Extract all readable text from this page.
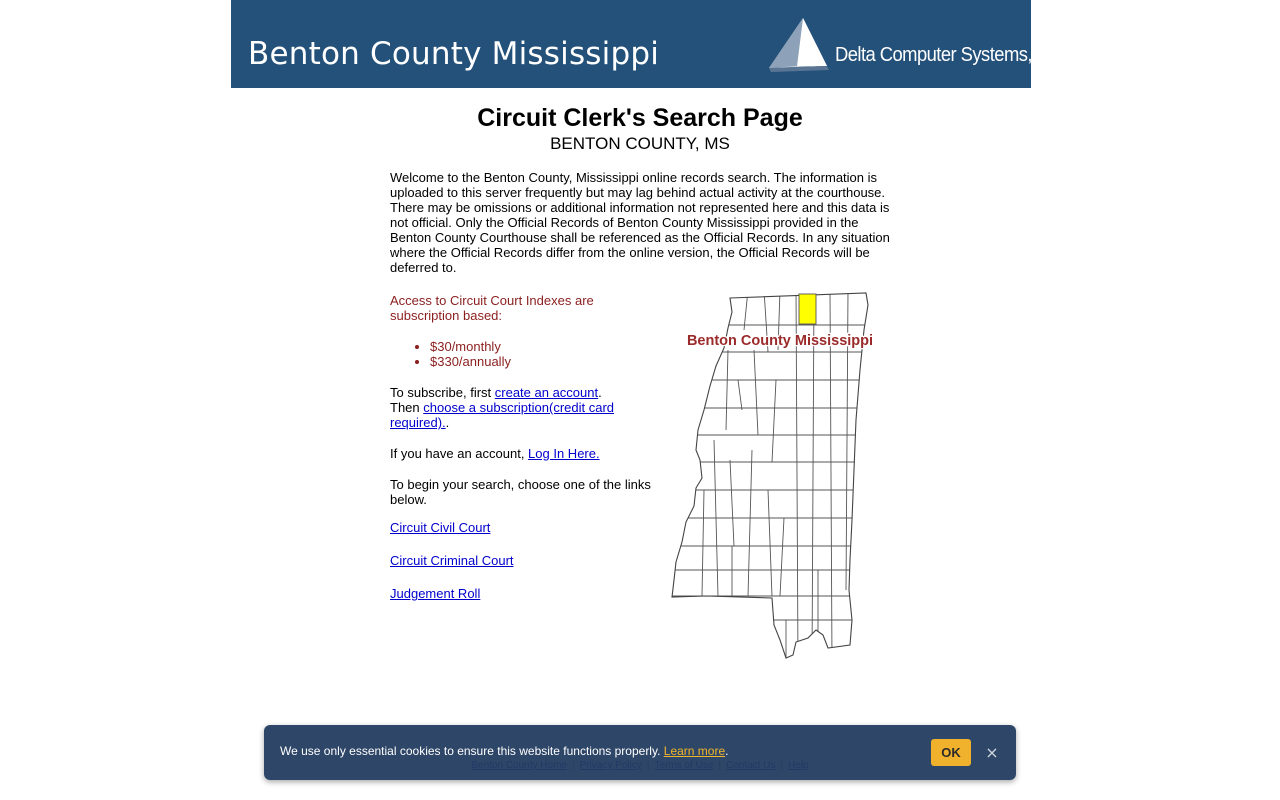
Benton County Mississippi	Delta Computer Systems, Inc.
Circuit Clerk's Search Page
BENTON COUNTY, MS

Welcome to the Benton County, Mississippi online records search. The information is uploaded to this server frequently but may lag behind actual activity at the courthouse. There may be omissions or additional information not represented here and this data is not official. Only the Official Records of Benton County Mississippi provided in the Benton County Courthouse shall be referenced as the Official Records. In any situation where the Official Records differ from the online version, the Official Records will be deferred to.

Access to Circuit Court Indexes are subscription based:

• $30/monthly
• $330/annually

To subscribe, first create an account.
Then choose a subscription(credit card required)..

If you have an account, Log In Here.

To begin your search, choose one of the links below.

Circuit Civil Court
Circuit Criminal Court
Judgement Roll
Benton County Mississippi
We use only essential cookies to ensure this website functions properly. Learn more.	OK	×
